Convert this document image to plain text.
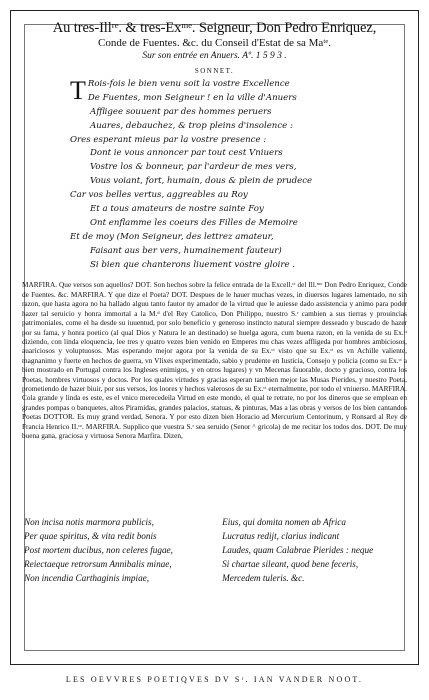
Au tres-Illʳᵉ. & tres-Exᵐᵉ. Seigneur, Don Pedro Enriquez,
Conde de Fuentes. &c. du Conseil d'Estat de sa Maᵗᵉ.
Sur son entrée en Anuers. Aº. 1 5 9 3 .
SONNET.
T Rois-fois le bien venu soit la vostre Excellence
De Fuentes, mon Seigneur ! en la ville d'Anuers
Affligee souuent par des hommes peruers
Auares, debauchez, & trop pleins d'insolence :
Ores esperant mieus par la vostre presence :
Dont ie vous annoncer par tout cest Vniuers
Vostre los & bonneur, par l'ardeur de mes vers,
Vous voiant, fort, humain, dous & plein de prudece
Car vos belles vertus, aggreables au Roy
Et a tous amateurs de nostre sainte Foy
Ont enflamme les coeurs des Filles de Memoire
Et de moy (Mon Seigneur, des lettrez amateur,
Faisant aus ber vers, humainement fauteur)
Si bien que chanterons liuement vostre gloire .

MARFIRA. Que versos son aquellos? DOT. Son hechos sobre la felice entrada de la Excell.ᶜᵗ del Ill.ᵐᵒ Don Pedro Enriquez, Conde de Fuentes. &c. MARFIRA. Y que dize el Poeta? DOT. Despues de le hauer muchas vezes, in diuersos lugares lamentado, no sin razon, que hasta agora no ha hallado alguu tanto fautor ny amador de la virtud que le auiesse dado assistencia y animo para poder hazer tal seruicio y honra immortal a la M.ᵈ d'el Rey Catolico, Don Philippo, nuestro S.ʳ cambien a sus tierras y prouincias patrimoniales, come el ha desde su iuuentud, por solo beneficio y generoso instincto natural siempre desseado y buscado de hazer por su fama, y honra poetico (al qual Dios y Natura le an destinado) se huelga agora, cum buena razon, en la venida de su Ex.ᶜᵗ diziendo, con linda eloquencia, lee tres y quatro vezes bien venido en Emperes mu chas vezes affligeda por hombres ambiciosos, auariciosos y voluptuosos. Mas esperando mejor agora por la venida de su Ex.ᶜᵗ visto que su Ex.ᶜᵗ es vn Achille valiente, magnanimo y fuerte en hechos de guerra, vn Vlixes experimentado, sabio y prudente en Iusticia, Consejo y policia (como su Ex.ᶜᵗ a bien mostrado en Portugal contra los Ingleses enimigos, y en otros lugares) y vn Mecenas fauorable, docto y gracioso, contra los Poetas, hombres virtuosos y doctos. Por los quales virtudes y gracias esperan tambien mejor las Musas Pierides, y nuestro Poeta, prometiendo de hazer biuir, por sus versos, los loores y hechos valerosos de su Ex.ᶜᵗ eternalmente, por todo el vniuerso. MARFIRA. Cola grande y linda es este, es el vnico merecedeila Virtud en este mondo, el qual te retrate, no por los dineros que se emplean en grandes pompas o banquetes, altos Piramidas, grandes palacios, statuas, & pinturas, Mas a las obras y versos de los bien cantandos Poetas DOTTOR. Es muy grand verdad, Senora. Y por esto dizen bien Horacio ad Mercurium Centorinum, y Ronsard al Rey de Francia Henrico II.ᶜᵒ. MARFIRA. Supplico que vuestra S.ʳ sea seruido (Senor ^ gricola) de me recitar los todos dos. DOT. De muy buena gana, graciosa y virtuosa Senora Marfira. Dizen,

Non incisa notis marmora publicis,
Per quae spiritus, & vita redit bonis
Post mortem ducibus, non celeres fugae,
Reiectaeque retrorsum Annibalis minae,
Non incendia Carthaginis impiae,
Eius, qui domita nomen ab Africa
Lucratus redijt, clarius indicant
Laudes, quam Calabrae Pierides : neque
Si chartae sileant, quod bene feceris,
Mercedem tuleris. &c.
LES OEVVRES POETIQVES DV Sʳ. IAN VANDER NOOT.
